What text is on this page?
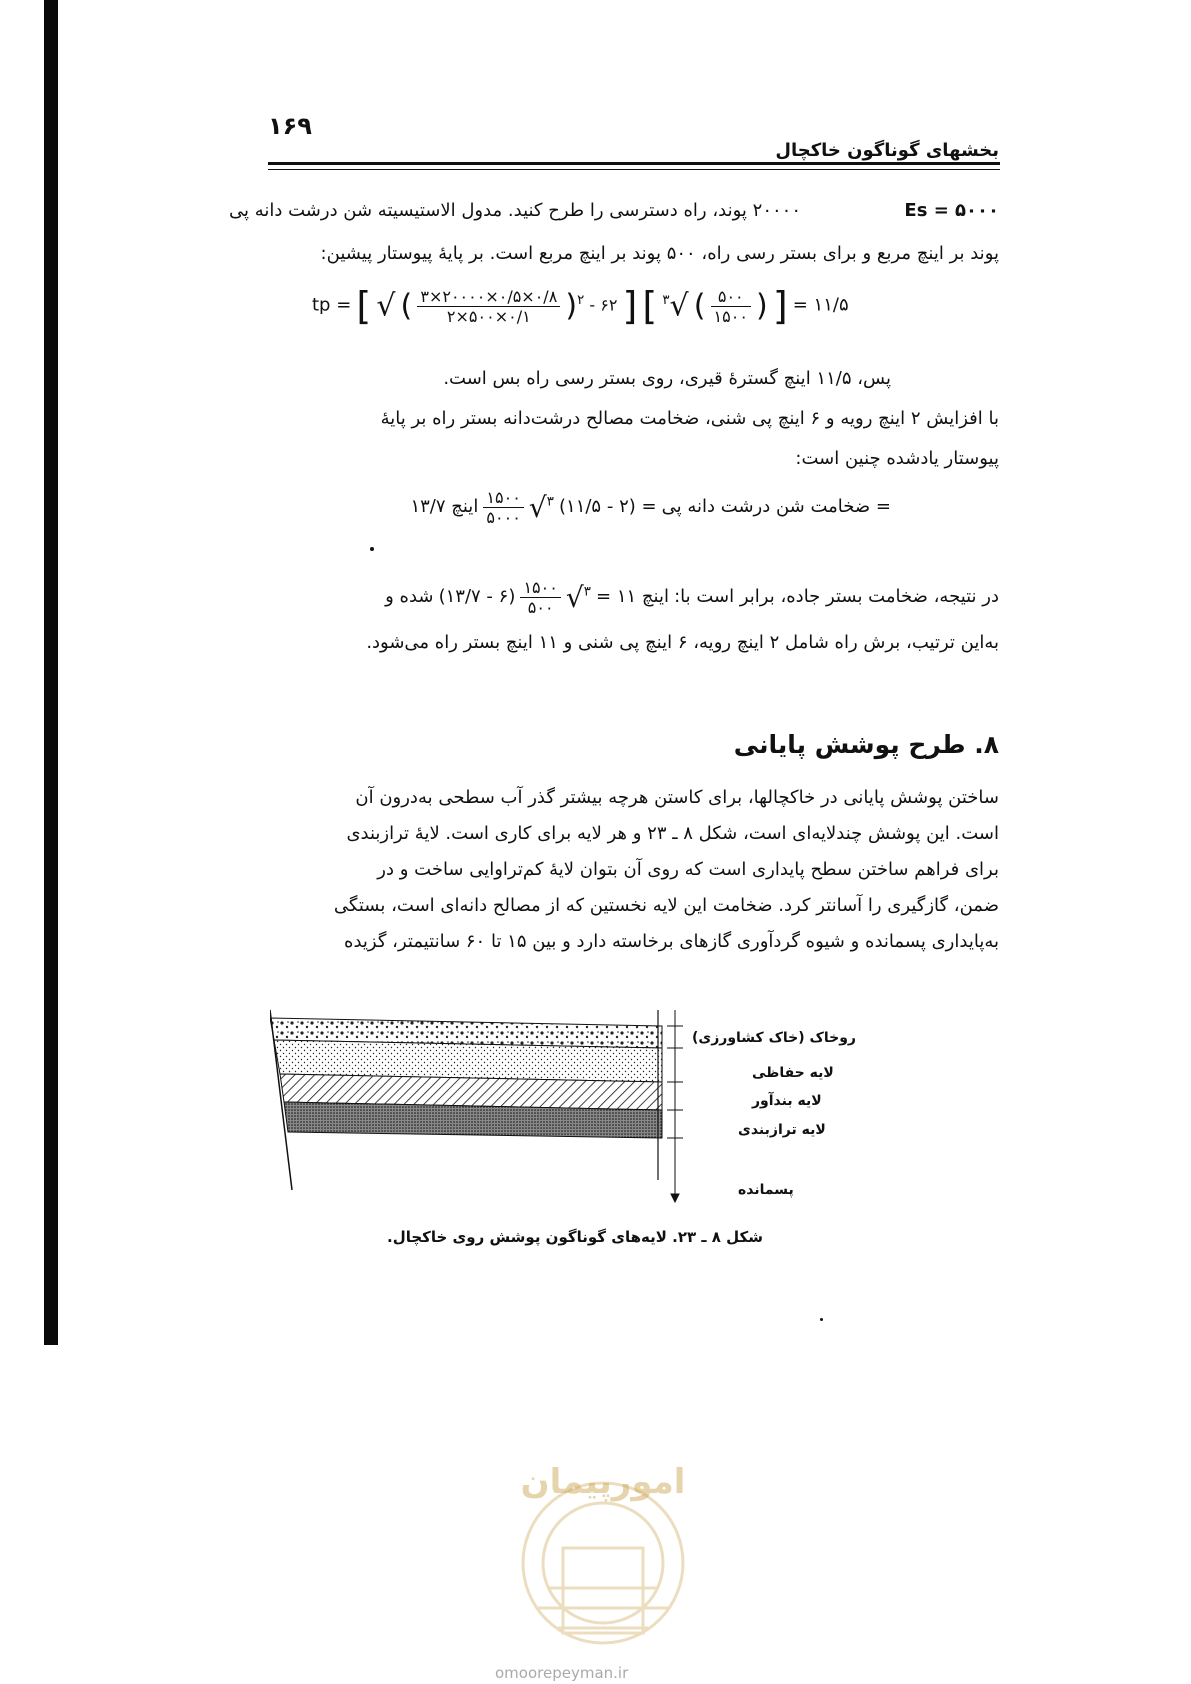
۱۶۹
بخشهای گوناگون خاکچال
Es = ۵۰۰۰
۲۰۰۰۰ پوند، راه دسترسی را طرح کنید. مدول الاستیسیته شن درشت دانه پی
پوند بر اینچ مربع و برای بستر رسی راه، ۵۰۰ پوند بر اینچ مربع است. بر پایهٔ پیوستار پیشین:
tp = [ √ ( $\frac{۳\times ۲۰۰۰۰\times ۰/۵\times ۰/۸}{۲\times ۵۰۰\times ۰/۱} )^۲$ - ۶۲ ] [ $^۳$√ ( $\frac{۵۰۰}{۱۵۰۰}$ ) ] = ۱۱/۵
پس، ۱۱/۵ اینچ گسترهٔ قیری، روی بستر رسی راه بس است.
با افزایش ۲ اینچ رویه و ۶ اینچ پی شنی، ضخامت مصالح درشت‌دانه بستر راه بر پایهٔ
پیوستار یادشده چنین است:
ضخامت شن درشت دانه پی = (۲ - ۱۱/۵) $^۳$√
$\frac{۱۵۰۰}{۵۰۰۰}$
اینچ ۱۳/۷ =
در نتیجه، ضخامت بستر جاده، برابر است با: اینچ ۱۱ = $^۳$√
$\frac{۱۵۰۰}{۵۰۰}$
(۶ - ۱۳/۷) شده و
به‌این ترتیب، برش راه شامل ۲ اینچ رویه، ۶ اینچ پی شنی و ۱۱ اینچ بستر راه می‌شود.
۸. طرح پوشش پایانی
ساختن پوشش پایانی در خاکچالها، برای کاستن هرچه بیشتر گذر آب سطحی به‌درون آن
است. این پوشش چندلایه‌ای است، شکل ۸ ـ ۲۳ و هر لایه برای کاری است. لایهٔ ترازبندی
برای فراهم ساختن سطح پایداری است که روی آن بتوان لایهٔ کم‌تراوایی ساخت و در
ضمن، گازگیری را آسانتر کرد. ضخامت این لایه نخستین که از مصالح دانه‌ای است، بستگی
به‌پایداری پسمانده و شیوه گردآوری گازهای برخاسته دارد و بین ۱۵ تا ۶۰ سانتیمتر، گزیده
روخاک (خاک کشاورزی)
لایه حفاظی
لایه بندآور
لایه ترازبندی
پسمانده
شکل ۸ ـ ۲۳. لایه‌های گوناگون پوشش روی خاکچال.
امورپیمان
omoorepeyman.ir
